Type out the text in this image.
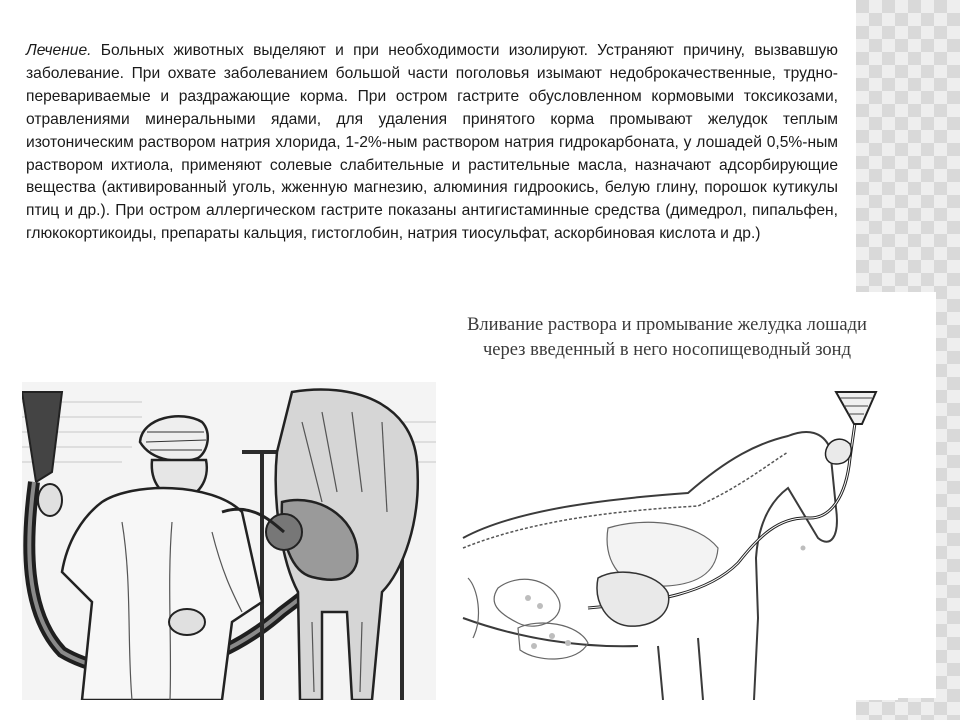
Лечение. Больных животных выделяют и при необходимости изолируют. Устраняют причину, вызвавшую заболевание. При охвате заболеванием большой части поголовья изымают недоброкачественные, трудноперевариваемые и раздражающие корма. При остром гастрите обусловленном кормовыми токсикозами, отравлениями минеральными ядами, для удаления принятого корма промывают желудок теплым изотоническим раствором натрия хлорида, 1-2%-ным раствором натрия гидрокарбоната, у лошадей 0,5%-ным раствором ихтиола, применяют солевые слабительные и растительные масла, назначают адсорбирующие вещества (активированный уголь, жженную магнезию, алюминия гидроокись, белую глину, порошок кутикулы птиц и др.). При остром аллергическом гастрите показаны антигистаминные средства (димедрол, пипальфен, глюкокортикоиды, препараты кальция, гистоглобин, натрия тиосульфат, аскорбиновая кислота и др.)

Вливание раствора и промывание желудка лошади
через введенный в него носопищеводный зонд
